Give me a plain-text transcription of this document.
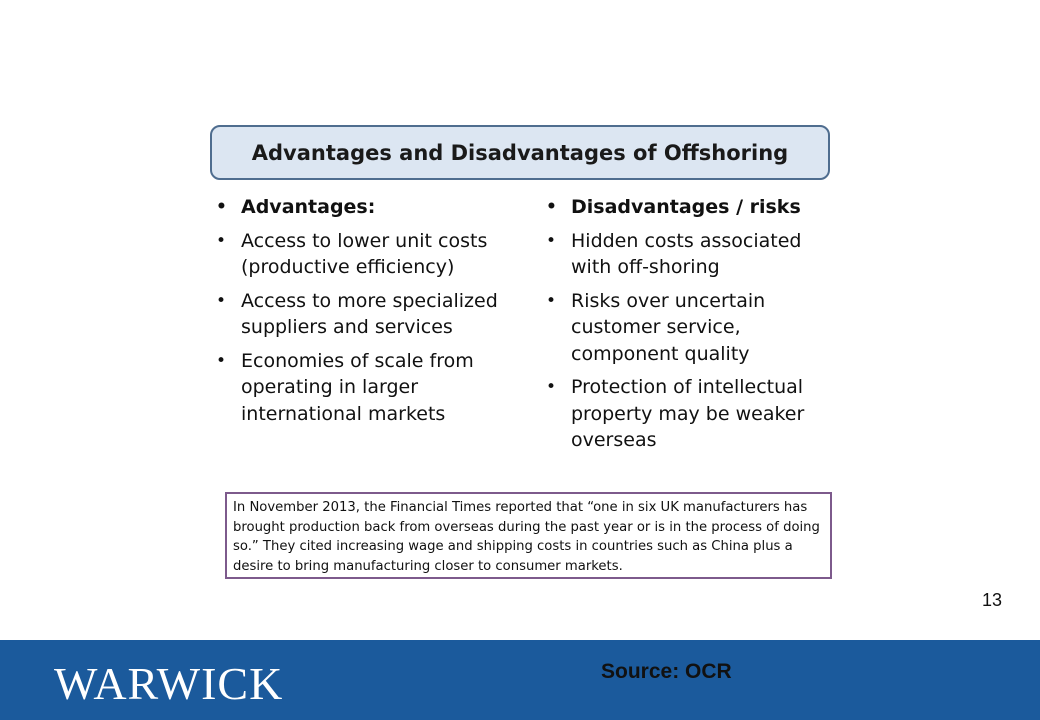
Advantages and Disadvantages of Offshoring
• Advantages:
• Access to lower unit costs (productive efficiency)
• Access to more specialized suppliers and services
• Economies of scale from operating in larger international markets
• Disadvantages / risks
• Hidden costs associated with off-shoring
• Risks over uncertain customer service, component quality
• Protection of intellectual property may be weaker overseas
In November 2013, the Financial Times reported that “one in six UK manufacturers has brought production back from overseas during the past year or is in the process of doing so.” They cited increasing wage and shipping costs in countries such as China plus a desire to bring manufacturing closer to consumer markets.
13
WARWICK	Source: OCR
